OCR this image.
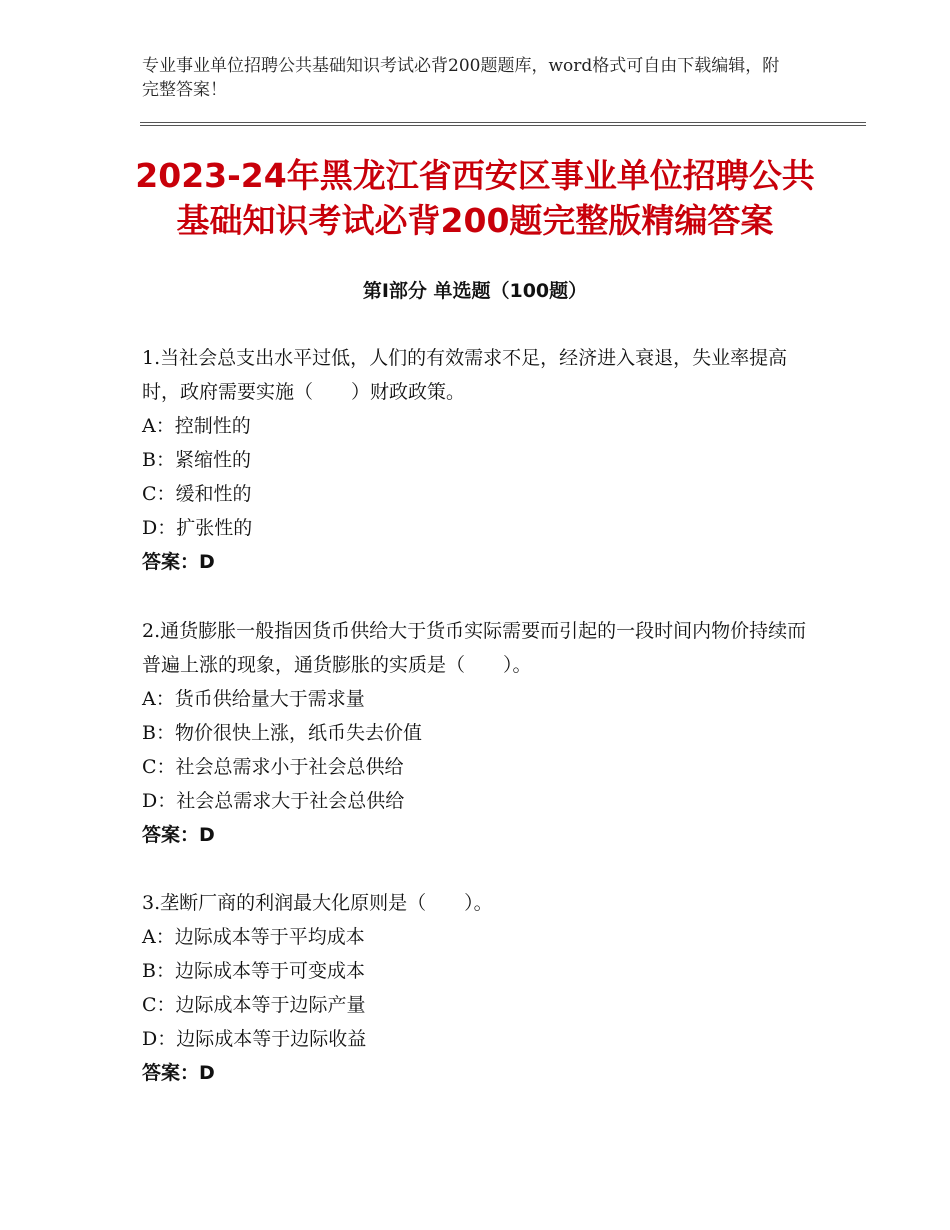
专业事业单位招聘公共基础知识考试必背200题题库，word格式可自由下载编辑，附完整答案！
2023-24年黑龙江省西安区事业单位招聘公共基础知识考试必背200题完整版精编答案
第Ⅰ部分 单选题（100题）
1.当社会总支出水平过低，人们的有效需求不足，经济进入衰退，失业率提高时，政府需要实施（　　）财政政策。
A：控制性的
B：紧缩性的
C：缓和性的
D：扩张性的
答案：D
2.通货膨胀一般指因货币供给大于货币实际需要而引起的一段时间内物价持续而普遍上涨的现象，通货膨胀的实质是（　　）。
A：货币供给量大于需求量
B：物价很快上涨，纸币失去价值
C：社会总需求小于社会总供给
D：社会总需求大于社会总供给
答案：D
3.垄断厂商的利润最大化原则是（　　）。
A：边际成本等于平均成本
B：边际成本等于可变成本
C：边际成本等于边际产量
D：边际成本等于边际收益
答案：D
